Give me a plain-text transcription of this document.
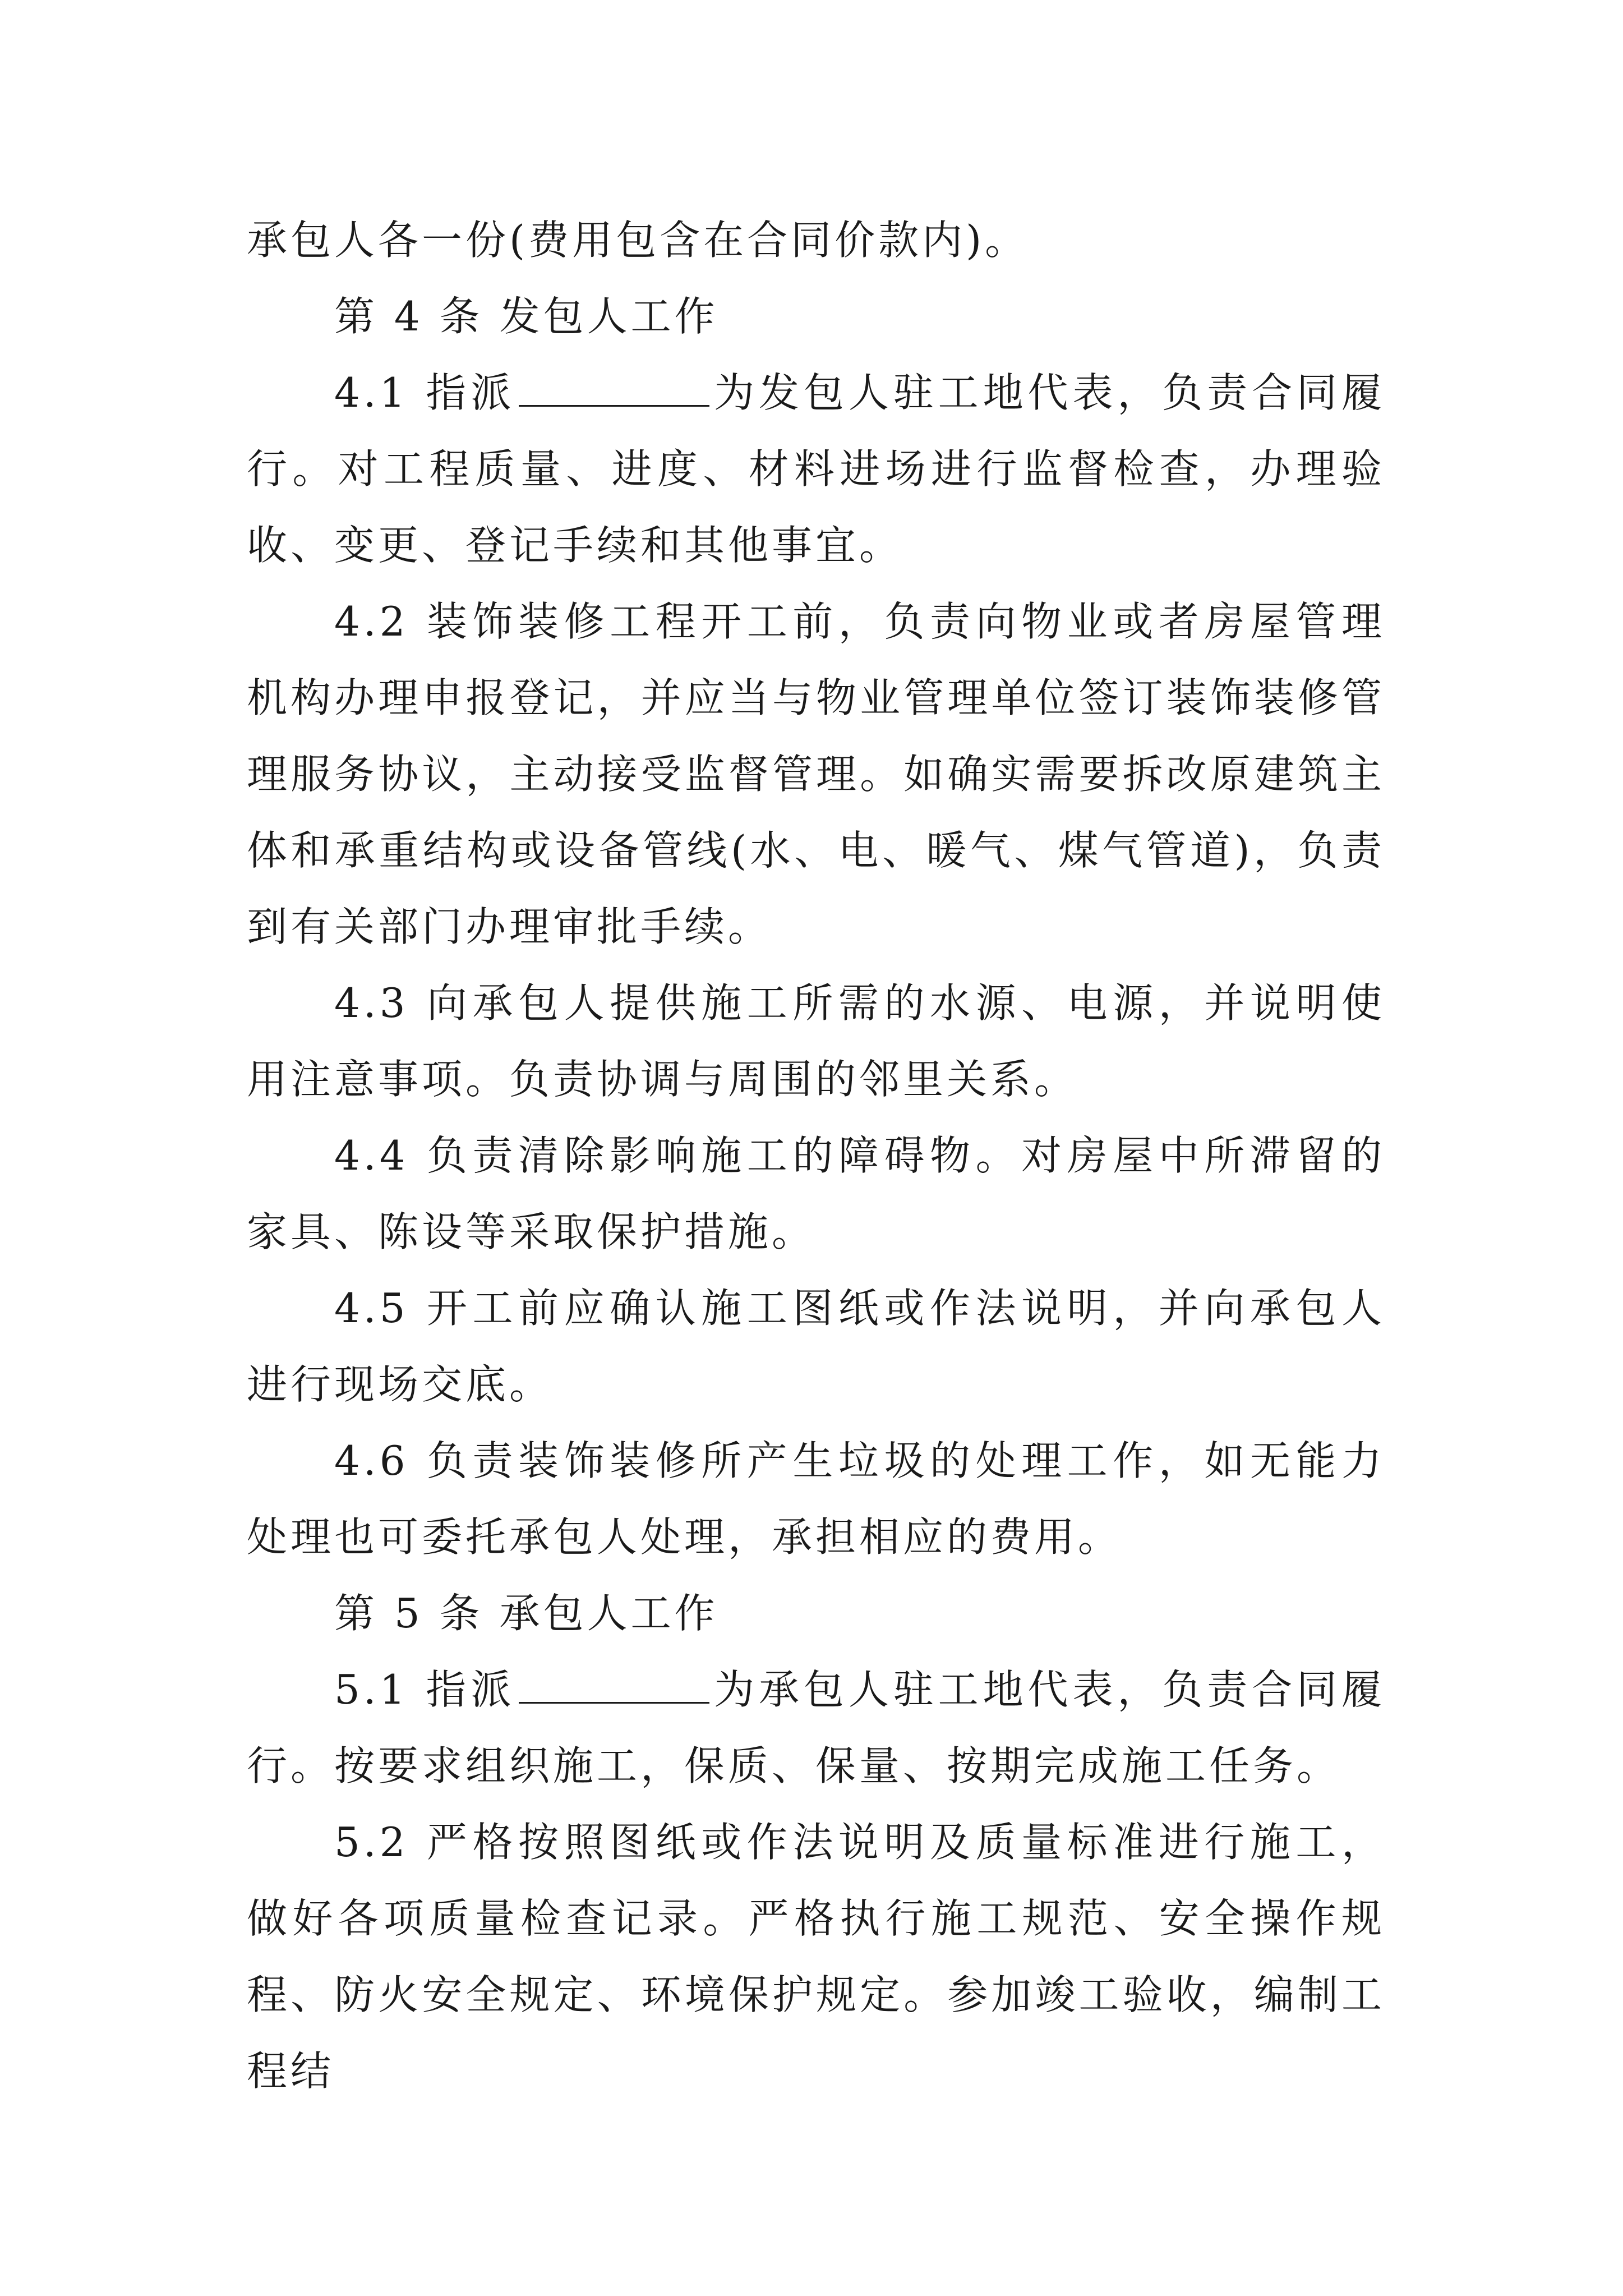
承包人各一份(费用包含在合同价款内)。

第 4 条 发包人工作

4.1 指派	为发包人驻工地代表，负责合同履行。对工程质量、进度、材料进场进行监督检查，办理验收、变更、登记手续和其他事宜。

4.2 装饰装修工程开工前，负责向物业或者房屋管理机构办理申报登记，并应当与物业管理单位签订装饰装修管理服务协议，主动接受监督管理。如确实需要拆改原建筑主体和承重结构或设备管线(水、电、暖气、煤气管道)，负责到有关部门办理审批手续。

4.3 向承包人提供施工所需的水源、电源，并说明使用注意事项。负责协调与周围的邻里关系。

4.4 负责清除影响施工的障碍物。对房屋中所滞留的家具、陈设等采取保护措施。

4.5 开工前应确认施工图纸或作法说明，并向承包人进行现场交底。

4.6 负责装饰装修所产生垃圾的处理工作，如无能力处理也可委托承包人处理，承担相应的费用。

第 5 条 承包人工作

5.1 指派	为承包人驻工地代表，负责合同履行。按要求组织施工，保质、保量、按期完成施工任务。

5.2 严格按照图纸或作法说明及质量标准进行施工，做好各项质量检查记录。严格执行施工规范、安全操作规程、防火安全规定、环境保护规定。参加竣工验收，编制工程结
